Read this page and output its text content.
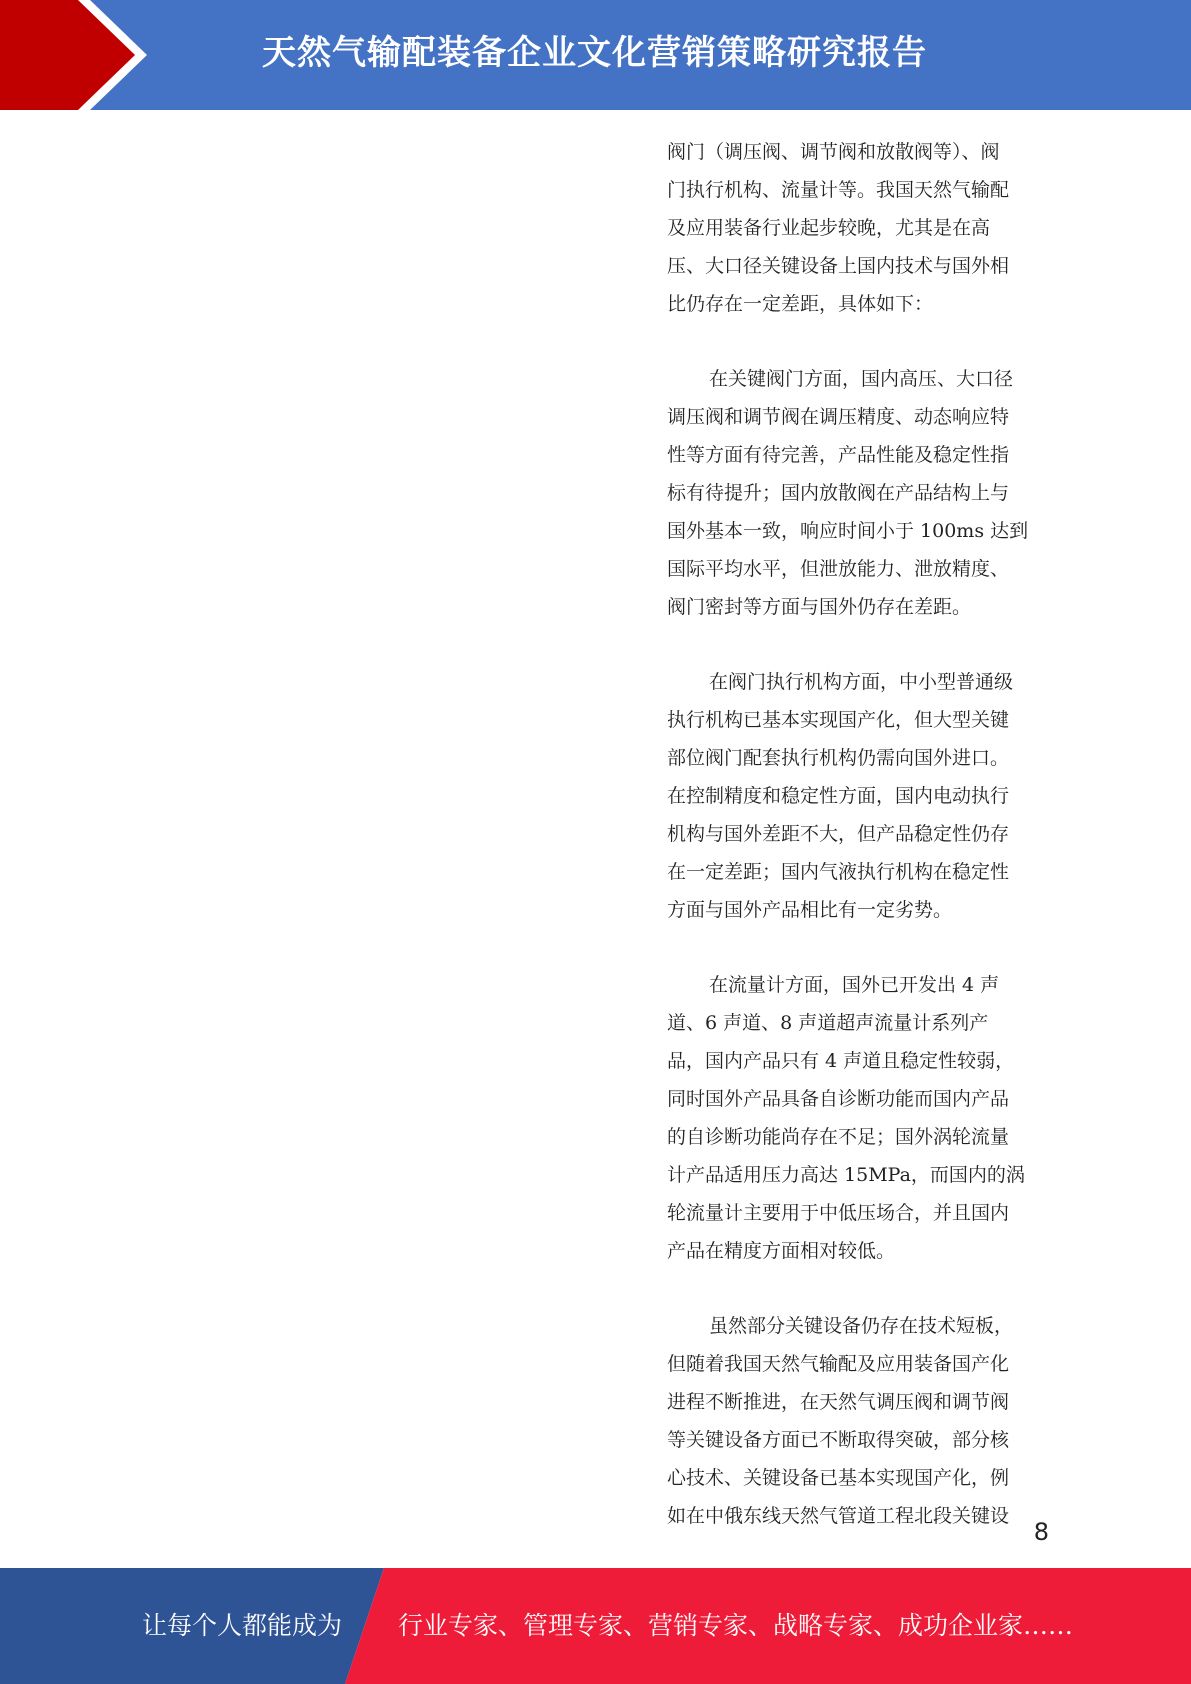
天然气输配装备企业文化营销策略研究报告
阀门（调压阀、调节阀和放散阀等）、阀
门执行机构、流量计等。我国天然气输配
及应用装备行业起步较晚，尤其是在高
压、大口径关键设备上国内技术与国外相
比仍存在一定差距，具体如下：
在关键阀门方面，国内高压、大口径
调压阀和调节阀在调压精度、动态响应特
性等方面有待完善，产品性能及稳定性指
标有待提升；国内放散阀在产品结构上与
国外基本一致，响应时间小于 100ms 达到
国际平均水平，但泄放能力、泄放精度、
阀门密封等方面与国外仍存在差距。
在阀门执行机构方面，中小型普通级
执行机构已基本实现国产化，但大型关键
部位阀门配套执行机构仍需向国外进口。
在控制精度和稳定性方面，国内电动执行
机构与国外差距不大，但产品稳定性仍存
在一定差距；国内气液执行机构在稳定性
方面与国外产品相比有一定劣势。
在流量计方面，国外已开发出 4 声
道、6 声道、8 声道超声流量计系列产
品，国内产品只有 4 声道且稳定性较弱，
同时国外产品具备自诊断功能而国内产品
的自诊断功能尚存在不足；国外涡轮流量
计产品适用压力高达 15MPa，而国内的涡
轮流量计主要用于中低压场合，并且国内
产品在精度方面相对较低。
虽然部分关键设备仍存在技术短板，
但随着我国天然气输配及应用装备国产化
进程不断推进，在天然气调压阀和调节阀
等关键设备方面已不断取得突破，部分核
心技术、关键设备已基本实现国产化，例
如在中俄东线天然气管道工程北段关键设
8
让每个人都能成为 行业专家、管理专家、营销专家、战略专家、成功企业家……
